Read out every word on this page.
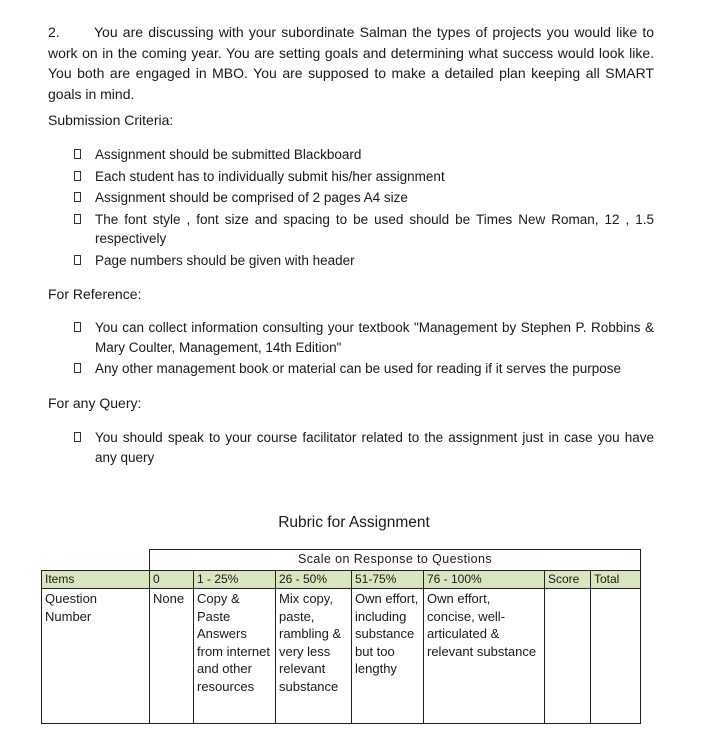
2. You are discussing with your subordinate Salman the types of projects you would like to work on in the coming year. You are setting goals and determining what success would look like. You both are engaged in MBO. You are supposed to make a detailed plan keeping all SMART goals in mind.

Submission Criteria:
Assignment should be submitted Blackboard
Each student has to individually submit his/her assignment
Assignment should be comprised of 2 pages A4 size
The font style , font size and spacing to be used should be Times New Roman, 12 , 1.5 respectively
Page numbers should be given with header
For Reference:
You can collect information consulting your textbook "Management by Stephen P. Robbins & Mary Coulter, Management, 14th Edition"
Any other management book or material can be used for reading if it serves the purpose
For any Query:
You should speak to your course facilitator related to the assignment just in case you have any query
Rubric for Assignment
	Scale on Response to Questions						
Items	0	1 - 25%	26 - 50%	51-75%	76 - 100%	Score	Total
Question Number	None	Copy & Paste Answers from internet and other resources	Mix copy, paste, rambling & very less relevant substance	Own effort, including substance but too lengthy	Own effort, concise, well-articulated & relevant substance		
